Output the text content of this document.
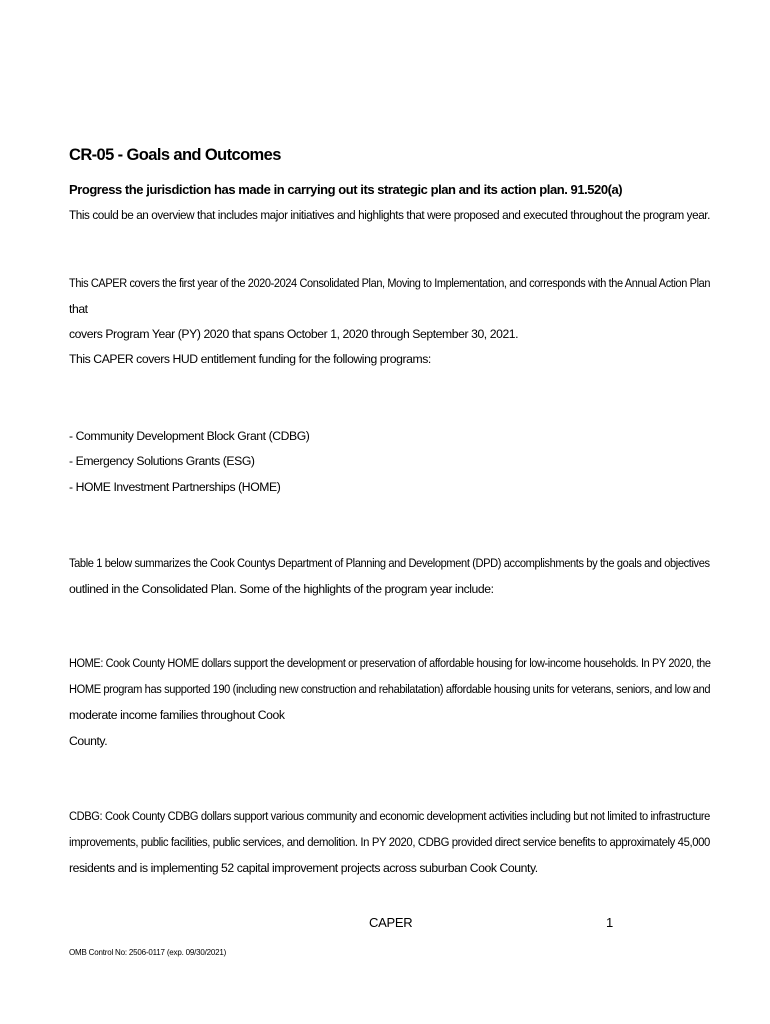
CR-05 - Goals and Outcomes
Progress the jurisdiction has made in carrying out its strategic plan and its action plan. 91.520(a)
This could be an overview that includes major initiatives and highlights that were proposed and executed throughout the program year.
This CAPER covers the first year of the 2020-2024 Consolidated Plan, Moving to Implementation, and corresponds with the Annual Action Plan
that
covers Program Year (PY) 2020 that spans October 1, 2020 through September 30, 2021.
This CAPER covers HUD entitlement funding for the following programs:
- Community Development Block Grant (CDBG)
- Emergency Solutions Grants (ESG)
- HOME Investment Partnerships (HOME)
Table 1 below summarizes the Cook Countys Department of Planning and Development (DPD) accomplishments by the goals and objectives
outlined in the Consolidated Plan. Some of the highlights of the program year include:
HOME: Cook County HOME dollars support the development or preservation of affordable housing for low-income households. In PY 2020, the
HOME program has supported 190 (including new construction and rehabilatation) affordable housing units for veterans, seniors, and low and
moderate income families throughout Cook
County.
CDBG: Cook County CDBG dollars support various community and economic development activities including but not limited to infrastructure
improvements, public facilities, public services, and demolition. In PY 2020, CDBG provided direct service benefits to approximately 45,000
residents and is implementing 52 capital improvement projects across suburban Cook County.
CAPER	1
OMB Control No: 2506-0117 (exp. 09/30/2021)
